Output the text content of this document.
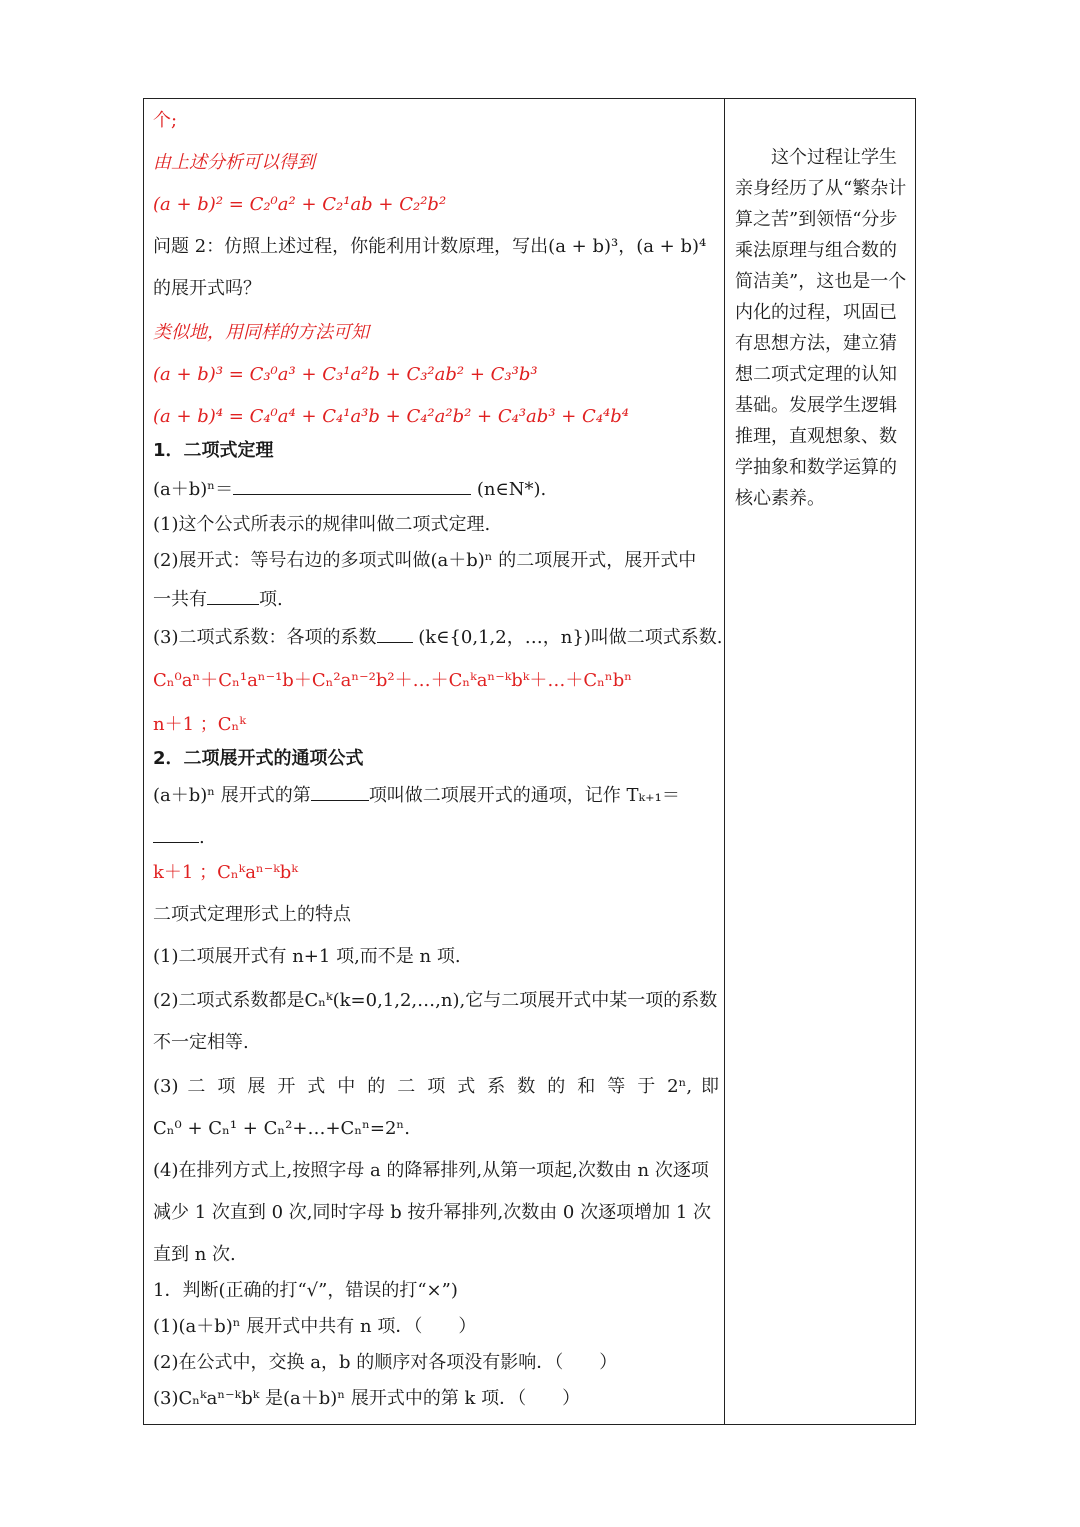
个;
由上述分析可以得到
(a + b)² = C₂⁰a² + C₂¹ab + C₂²b²
问题 2：仿照上述过程，你能利用计数原理，写出(a + b)³，(a + b)⁴
的展开式吗？
类似地，用同样的方法可知
(a + b)³ = C₃⁰a³ + C₃¹a²b + C₃²ab² + C₃³b³
(a + b)⁴ = C₄⁰a⁴ + C₄¹a³b + C₄²a²b² + C₄³ab³ + C₄⁴b⁴
1．二项式定理
(a＋b)ⁿ＝	(n∈N*).
(1)这个公式所表示的规律叫做二项式定理.
(2)展开式：等号右边的多项式叫做(a＋b)ⁿ 的二项展开式，展开式中
一共有	项.
(3)二项式系数：各项的系数 (k∈{0,1,2，…，n})叫做二项式系数.
Cₙ⁰aⁿ＋Cₙ¹aⁿ⁻¹b＋Cₙ²aⁿ⁻²b²＋…＋Cₙᵏaⁿ⁻ᵏbᵏ＋…＋Cₙⁿbⁿ
n＋1 ；Cₙᵏ
2．二项展开式的通项公式
(a＋b)ⁿ 展开式的第	项叫做二项展开式的通项，记作 Tₖ₊₁＝
.
k＋1 ；Cₙᵏaⁿ⁻ᵏbᵏ
二项式定理形式上的特点
(1)二项展开式有 n+1 项,而不是 n 项.
(2)二项式系数都是Cₙᵏ(k=0,1,2,…,n),它与二项展开式中某一项的系数
不一定相等.
(3) 二 项 展 开 式 中 的 二 项 式 系 数 的 和 等 于 2ⁿ, 即
Cₙ⁰ + Cₙ¹ + Cₙ²+…+Cₙⁿ=2ⁿ.
(4)在排列方式上,按照字母 a 的降幂排列,从第一项起,次数由 n 次逐项
减少 1 次直到 0 次,同时字母 b 按升幂排列,次数由 0 次逐项增加 1 次
直到 n 次.
1．判断(正确的打“√”，错误的打“×”)
(1)(a＋b)ⁿ 展开式中共有 n 项．（　　）
(2)在公式中，交换 a，b 的顺序对各项没有影响．（　　）
(3)Cₙᵏaⁿ⁻ᵏbᵏ 是(a＋b)ⁿ 展开式中的第 k 项．（　　）

这个过程让学生亲身经历了从“繁杂计算之苦”到领悟“分步乘法原理与组合数的简洁美”，这也是一个内化的过程，巩固已有思想方法，建立猜想二项式定理的认知基础。发展学生逻辑推理，直观想象、数学抽象和数学运算的核心素养。
